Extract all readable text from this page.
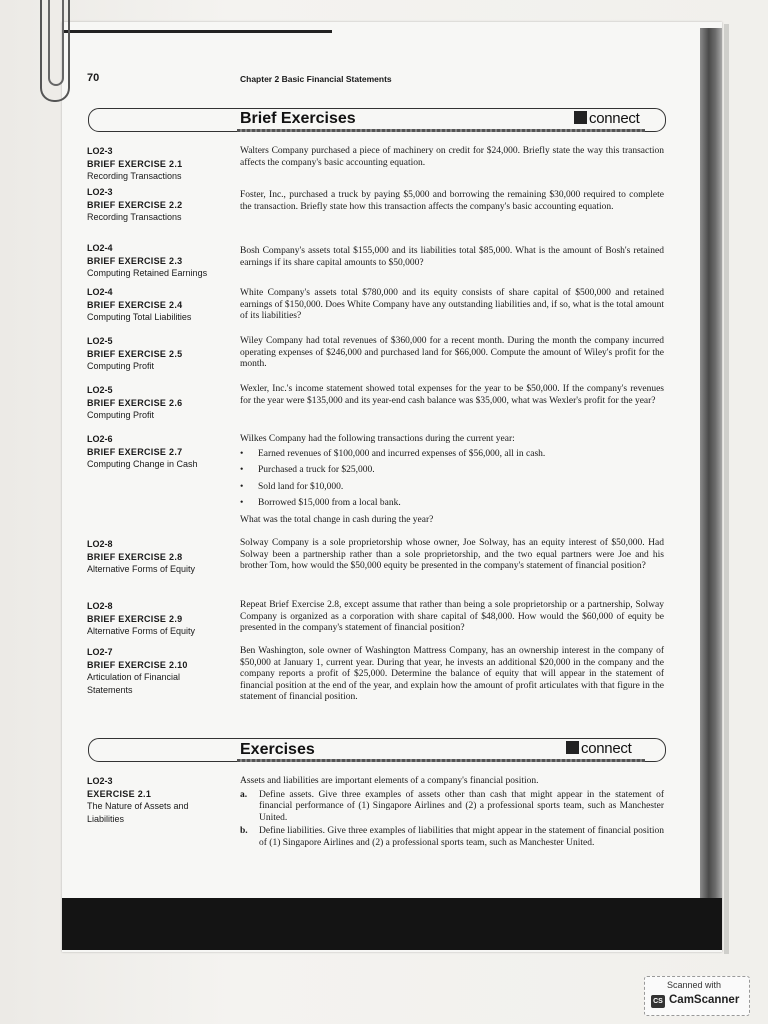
70	Chapter 2 Basic Financial Statements
Brief Exercises	connect
LO2-3
BRIEF EXERCISE 2.1
Recording Transactions
Walters Company purchased a piece of machinery on credit for $24,000. Briefly state the way this transaction affects the company's basic accounting equation.
LO2-3
BRIEF EXERCISE 2.2
Recording Transactions
Foster, Inc., purchased a truck by paying $5,000 and borrowing the remaining $30,000 required to complete the transaction. Briefly state how this transaction affects the company's basic accounting equation.
LO2-4
BRIEF EXERCISE 2.3
Computing Retained Earnings
Bosh Company's assets total $155,000 and its liabilities total $85,000. What is the amount of Bosh's retained earnings if its share capital amounts to $50,000?
LO2-4
BRIEF EXERCISE 2.4
Computing Total Liabilities
White Company's assets total $780,000 and its equity consists of share capital of $500,000 and retained earnings of $150,000. Does White Company have any outstanding liabilities and, if so, what is the total amount of its liabilities?
LO2-5
BRIEF EXERCISE 2.5
Computing Profit
Wiley Company had total revenues of $360,000 for a recent month. During the month the company incurred operating expenses of $246,000 and purchased land for $66,000. Compute the amount of Wiley's profit for the month.
LO2-5
BRIEF EXERCISE 2.6
Computing Profit
Wexler, Inc.'s income statement showed total expenses for the year to be $50,000. If the company's revenues for the year were $135,000 and its year-end cash balance was $35,000, what was Wexler's profit for the year?
LO2-6
BRIEF EXERCISE 2.7
Computing Change in Cash

Wilkes Company had the following transactions during the current year:

• Earned revenues of $100,000 and incurred expenses of $56,000, all in cash.
• Purchased a truck for $25,000.
• Sold land for $10,000.
• Borrowed $15,000 from a local bank.

What was the total change in cash during the year?

LO2-8
BRIEF EXERCISE 2.8
Alternative Forms of Equity
Solway Company is a sole proprietorship whose owner, Joe Solway, has an equity interest of $50,000. Had Solway been a partnership rather than a sole proprietorship, and the two equal partners were Joe and his brother Tom, how would the $50,000 equity be presented in the company's statement of financial position?
LO2-8
BRIEF EXERCISE 2.9
Alternative Forms of Equity
Repeat Brief Exercise 2.8, except assume that rather than being a sole proprietorship or a partnership, Solway Company is organized as a corporation with share capital of $48,000. How would the $60,000 of equity be presented in the company's statement of financial position?
LO2-7
BRIEF EXERCISE 2.10
Articulation of Financial Statements
Ben Washington, sole owner of Washington Mattress Company, has an ownership interest in the company of $50,000 at January 1, current year. During that year, he invests an additional $20,000 in the company and the company reports a profit of $25,000. Determine the balance of equity that will appear in the statement of financial position at the end of the year, and explain how the amount of profit articulates with that figure in the statement of financial position.
Exercises	connect
LO2-3
EXERCISE 2.1
The Nature of Assets and Liabilities

Assets and liabilities are important elements of a company's financial position.

a. Define assets. Give three examples of assets other than cash that might appear in the statement of financial performance of (1) Singapore Airlines and (2) a professional sports team, such as Manchester United.
b. Define liabilities. Give three examples of liabilities that might appear in the statement of financial position of (1) Singapore Airlines and (2) a professional sports team, such as Manchester United.
Scanned with
CS CamScanner
